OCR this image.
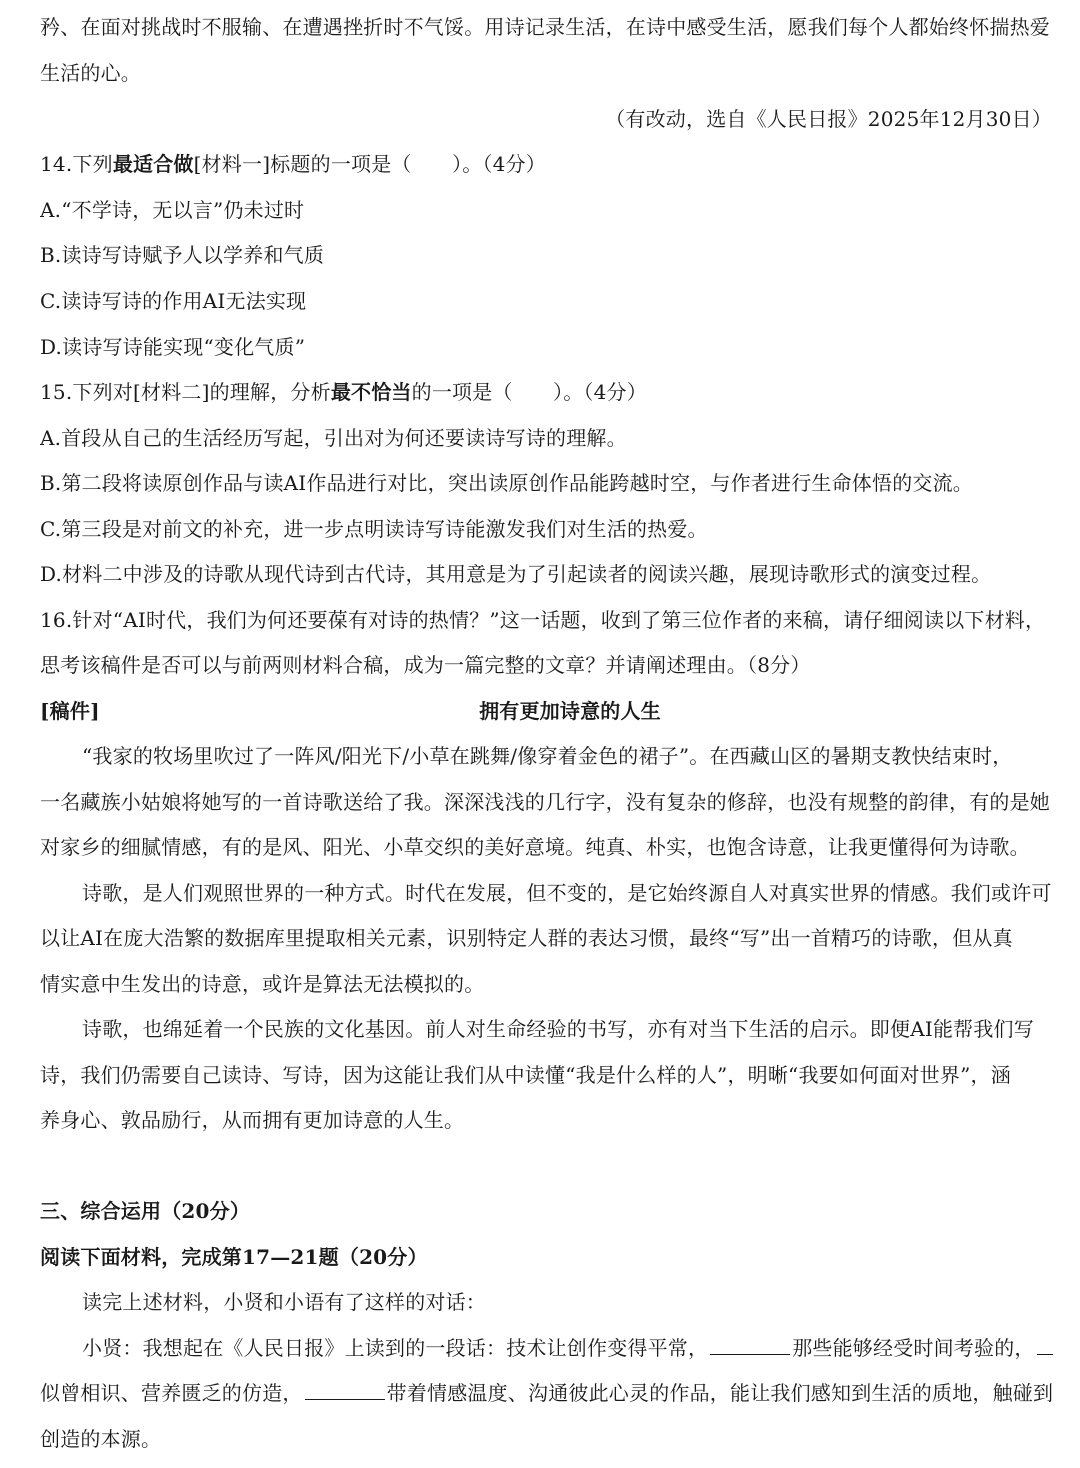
矜、在面对挑战时不服输、在遭遇挫折时不气馁。用诗记录生活，在诗中感受生活，愿我们每个人都始终怀揣热爱
生活的心。
（有改动，选自《人民日报》2025年12月30日）
14.下列最适合做[材料一]标题的一项是（　　）。（4分）
A.“不学诗，无以言”仍未过时
B.读诗写诗赋予人以学养和气质
C.读诗写诗的作用AI无法实现
D.读诗写诗能实现“变化气质”
15.下列对[材料二]的理解，分析最不恰当的一项是（　　）。（4分）
A.首段从自己的生活经历写起，引出对为何还要读诗写诗的理解。
B.第二段将读原创作品与读AI作品进行对比，突出读原创作品能跨越时空，与作者进行生命体悟的交流。
C.第三段是对前文的补充，进一步点明读诗写诗能激发我们对生活的热爱。
D.材料二中涉及的诗歌从现代诗到古代诗，其用意是为了引起读者的阅读兴趣，展现诗歌形式的演变过程。
16.针对“AI时代，我们为何还要葆有对诗的热情？”这一话题，收到了第三位作者的来稿，请仔细阅读以下材料，
思考该稿件是否可以与前两则材料合稿，成为一篇完整的文章？并请阐述理由。（8分）
[稿件]	拥有更加诗意的人生
“我家的牧场里吹过了一阵风/阳光下/小草在跳舞/像穿着金色的裙子”。在西藏山区的暑期支教快结束时，
一名藏族小姑娘将她写的一首诗歌送给了我。深深浅浅的几行字，没有复杂的修辞，也没有规整的韵律，有的是她
对家乡的细腻情感，有的是风、阳光、小草交织的美好意境。纯真、朴实，也饱含诗意，让我更懂得何为诗歌。
诗歌，是人们观照世界的一种方式。时代在发展，但不变的，是它始终源自人对真实世界的情感。我们或许可
以让AI在庞大浩繁的数据库里提取相关元素，识别特定人群的表达习惯，最终“写”出一首精巧的诗歌，但从真
情实意中生发出的诗意，或许是算法无法模拟的。
诗歌，也绵延着一个民族的文化基因。前人对生命经验的书写，亦有对当下生活的启示。即便AI能帮我们写
诗，我们仍需要自己读诗、写诗，因为这能让我们从中读懂“我是什么样的人”，明晰“我要如何面对世界”，涵
养身心、敦品励行，从而拥有更加诗意的人生。
三、综合运用（20分）
阅读下面材料，完成第17—21题（20分）
读完上述材料，小贤和小语有了这样的对话：
小贤：我想起在《人民日报》上读到的一段话：技术让创作变得平常，	那些能够经受时间考验的，
似曾相识、营养匮乏的仿造，	带着情感温度、沟通彼此心灵的作品，能让我们感知到生活的质地，触碰到
创造的本源。
